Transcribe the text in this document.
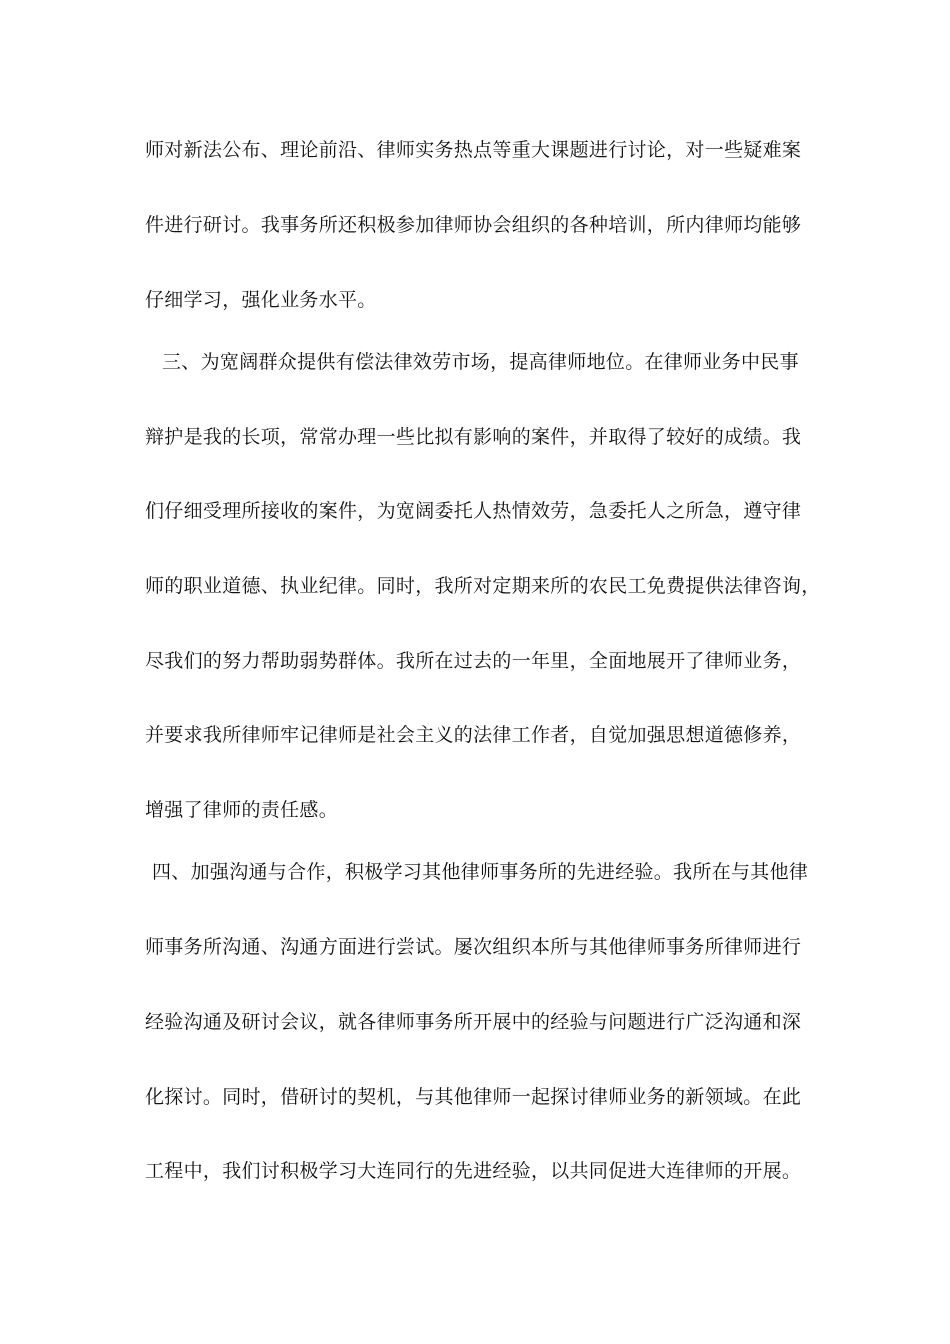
师对新法公布、理论前沿、律师实务热点等重大课题进行讨论，对一些疑难案
件进行研讨。我事务所还积极参加律师协会组织的各种培训，所内律师均能够
仔细学习，强化业务水平。
三、为宽阔群众提供有偿法律效劳市场，提高律师地位。在律师业务中民事
辩护是我的长项，常常办理一些比拟有影响的案件，并取得了较好的成绩。我
们仔细受理所接收的案件，为宽阔委托人热情效劳，急委托人之所急，遵守律
师的职业道德、执业纪律。同时，我所对定期来所的农民工免费提供法律咨询，
尽我们的努力帮助弱势群体。我所在过去的一年里，全面地展开了律师业务，
并要求我所律师牢记律师是社会主义的法律工作者，自觉加强思想道德修养，
增强了律师的责任感。
四、加强沟通与合作，积极学习其他律师事务所的先进经验。我所在与其他律
师事务所沟通、沟通方面进行尝试。屡次组织本所与其他律师事务所律师进行
经验沟通及研讨会议，就各律师事务所开展中的经验与问题进行广泛沟通和深
化探讨。同时，借研讨的契机，与其他律师一起探讨律师业务的新领域。在此
工程中，我们讨积极学习大连同行的先进经验，以共同促进大连律师的开展。
